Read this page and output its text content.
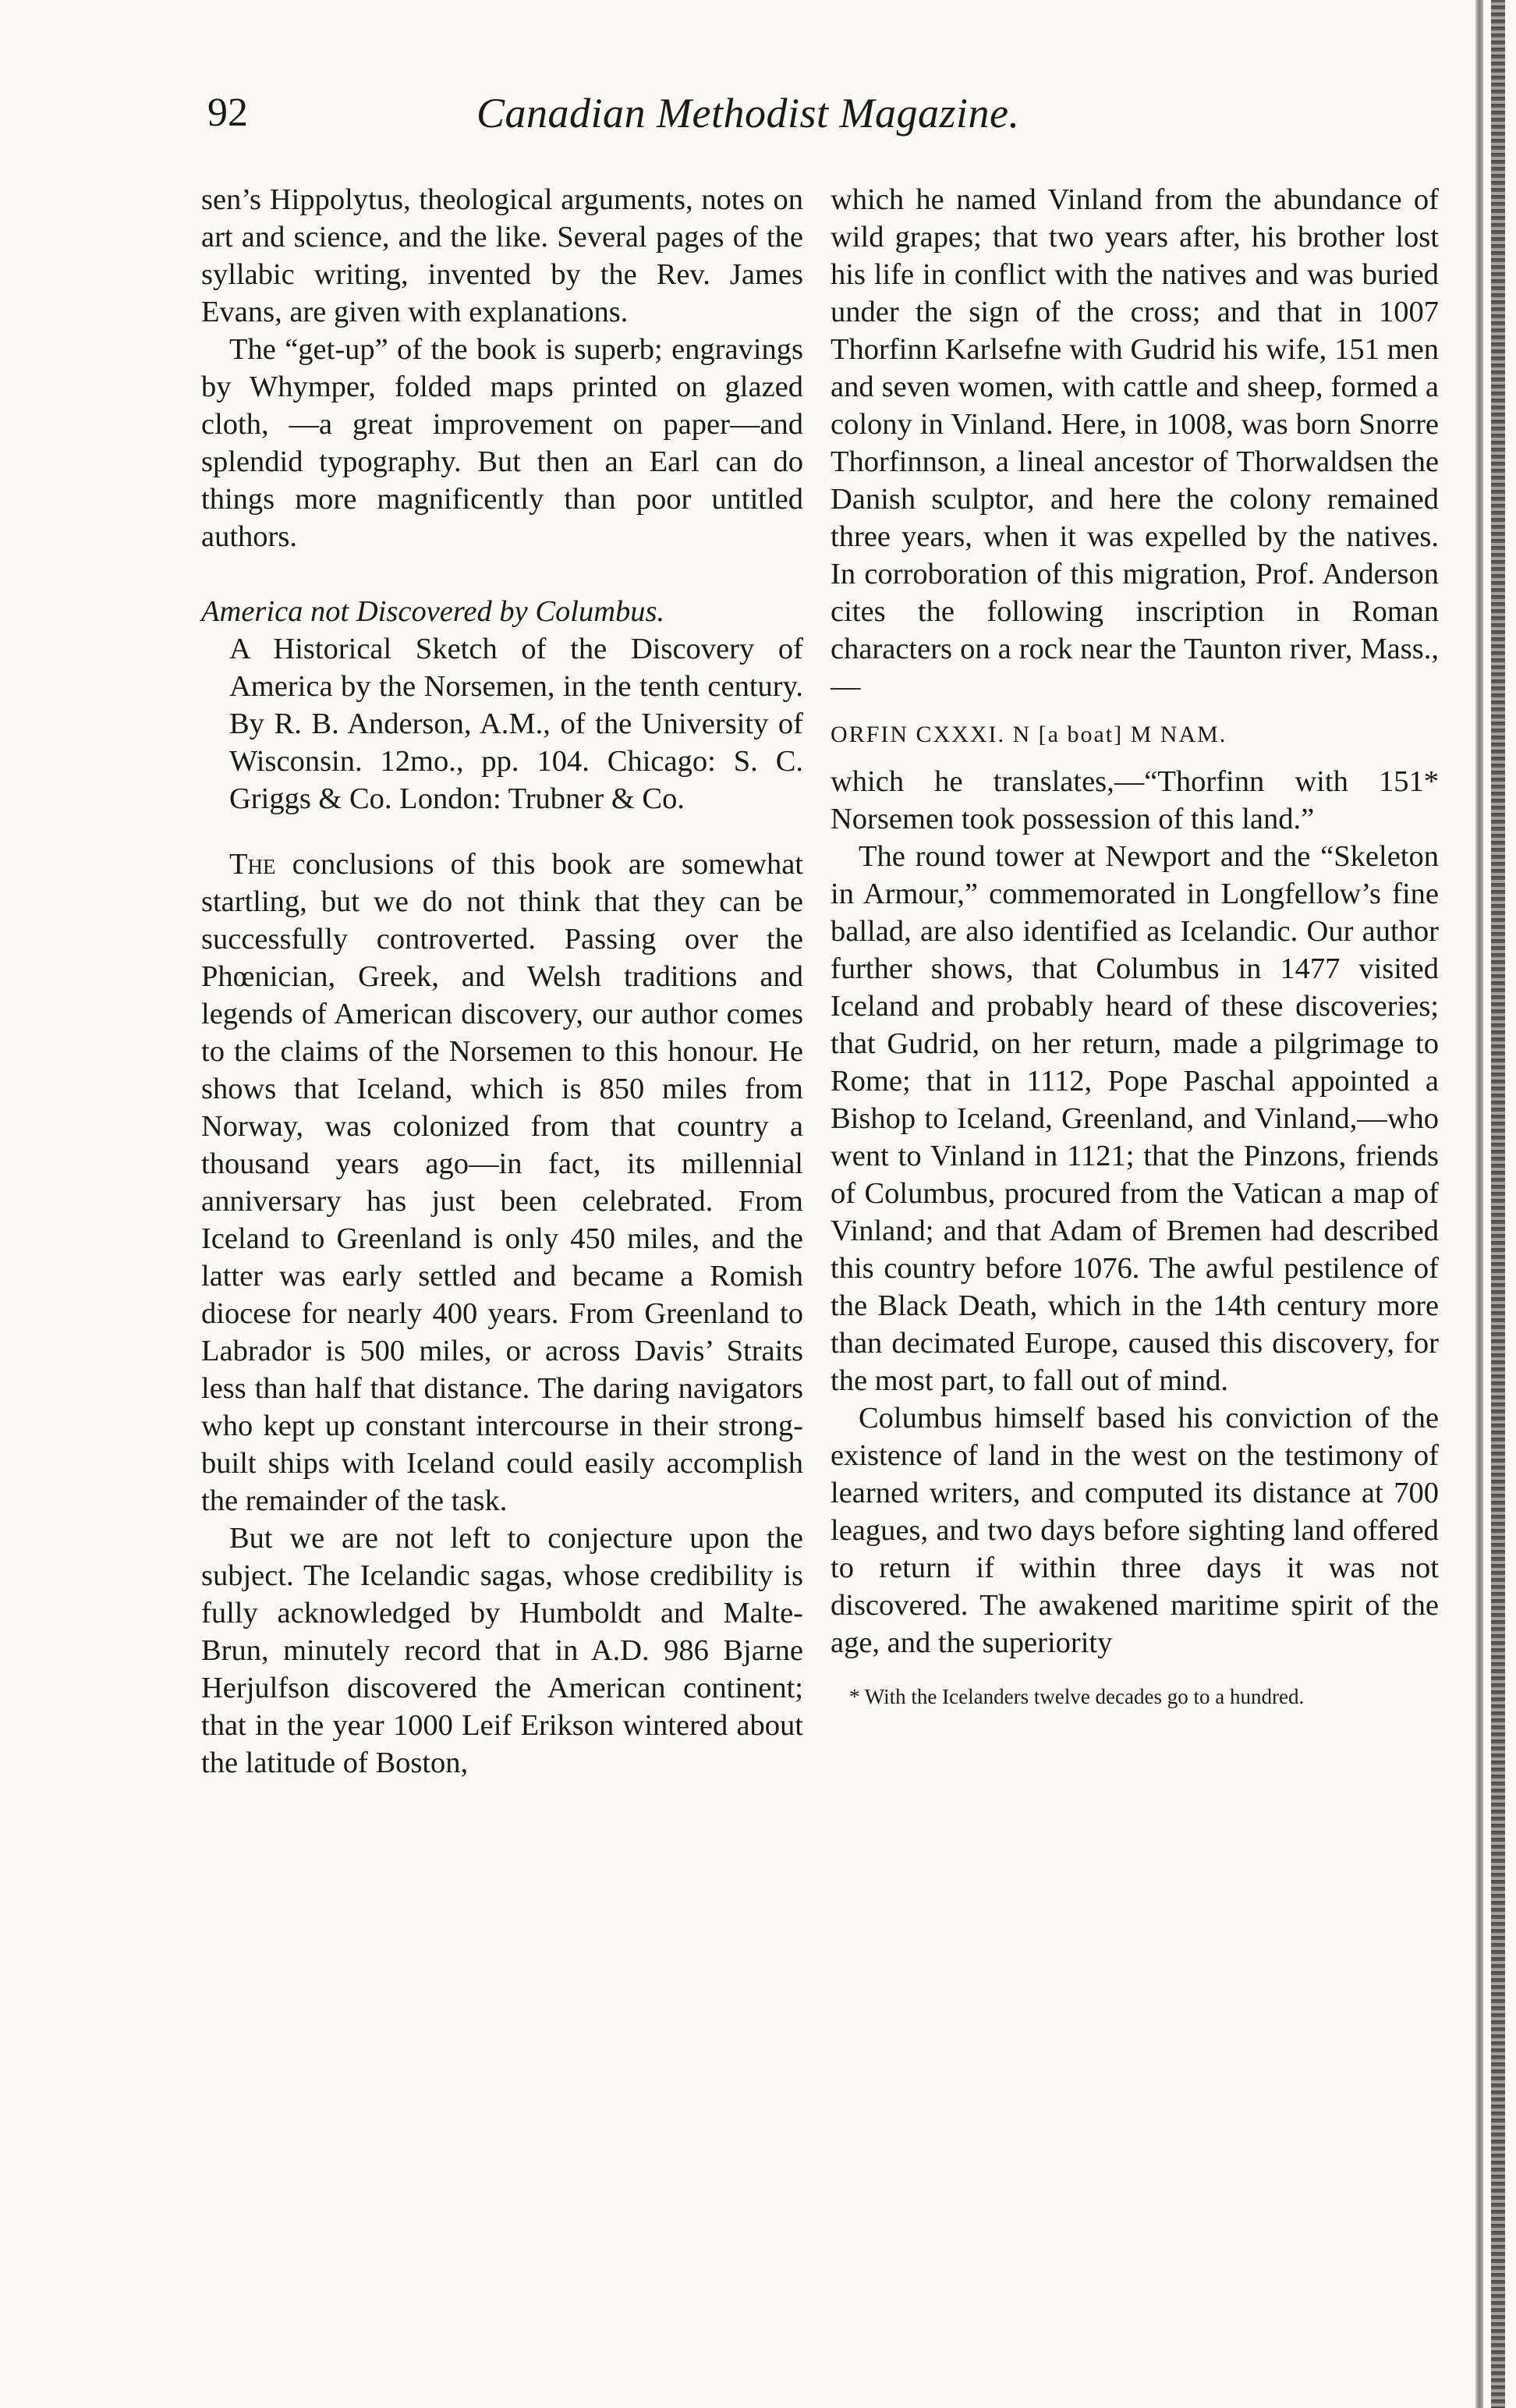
92	Canadian Methodist Magazine.

sen’s Hippolytus, theological arguments, notes on art and science, and the like. Several pages of the syllabic writing, invented by the Rev. James Evans, are given with explanations.

The “get-up” of the book is superb; engravings by Whymper, folded maps printed on glazed cloth, —a great improvement on paper—and splendid typography. But then an Earl can do things more magnificently than poor untitled authors.

America not Discovered by Columbus.

A Historical Sketch of the Discovery of America by the Norsemen, in the tenth century. By R. B. Anderson, A.M., of the University of Wisconsin. 12mo., pp. 104. Chicago: S. C. Griggs & Co. London: Trubner & Co.

The conclusions of this book are somewhat startling, but we do not think that they can be successfully controverted. Passing over the Phœnician, Greek, and Welsh traditions and legends of American discovery, our author comes to the claims of the Norsemen to this honour. He shows that Iceland, which is 850 miles from Norway, was colonized from that country a thousand years ago—in fact, its millennial anniversary has just been celebrated. From Iceland to Greenland is only 450 miles, and the latter was early settled and became a Romish diocese for nearly 400 years. From Greenland to Labrador is 500 miles, or across Davis’ Straits less than half that distance. The daring navigators who kept up constant intercourse in their strong-built ships with Iceland could easily accomplish the remainder of the task.

But we are not left to conjecture upon the subject. The Icelandic sagas, whose credibility is fully acknowledged by Humboldt and Malte-Brun, minutely record that in A.D. 986 Bjarne Herjulfson discovered the American continent; that in the year 1000 Leif Erikson wintered about the latitude of Boston,

which he named Vinland from the abundance of wild grapes; that two years after, his brother lost his life in conflict with the natives and was buried under the sign of the cross; and that in 1007 Thorfinn Karlsefne with Gudrid his wife, 151 men and seven women, with cattle and sheep, formed a colony in Vinland. Here, in 1008, was born Snorre Thorfinnson, a lineal ancestor of Thorwaldsen the Danish sculptor, and here the colony remained three years, when it was expelled by the natives. In corroboration of this migration, Prof. Anderson cites the following inscription in Roman characters on a rock near the Taunton river, Mass.,—

ORFIN CXXXI. N [a boat] M NAM.

which he translates,—“Thorfinn with 151* Norsemen took possession of this land.”

The round tower at Newport and the “Skeleton in Armour,” commemorated in Longfellow’s fine ballad, are also identified as Icelandic. Our author further shows, that Columbus in 1477 visited Iceland and probably heard of these discoveries; that Gudrid, on her return, made a pilgrimage to Rome; that in 1112, Pope Paschal appointed a Bishop to Iceland, Greenland, and Vinland,—who went to Vinland in 1121; that the Pinzons, friends of Columbus, procured from the Vatican a map of Vinland; and that Adam of Bremen had described this country before 1076. The awful pestilence of the Black Death, which in the 14th century more than decimated Europe, caused this discovery, for the most part, to fall out of mind.

Columbus himself based his conviction of the existence of land in the west on the testimony of learned writers, and computed its distance at 700 leagues, and two days before sighting land offered to return if within three days it was not discovered. The awakened maritime spirit of the age, and the superiority

* With the Icelanders twelve decades go to a hundred.
